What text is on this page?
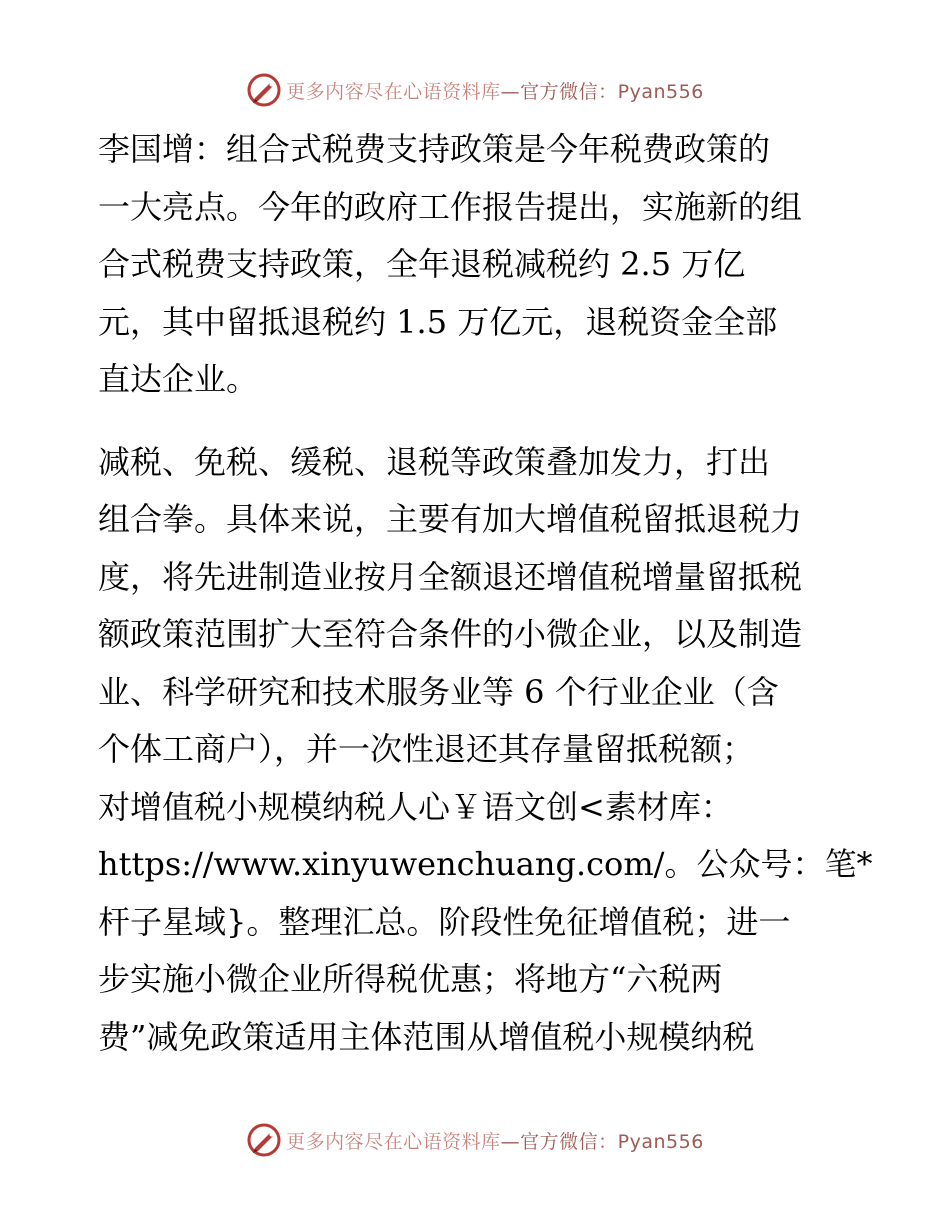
更多内容尽在心语资料库 —官方微信：Pyan556
李国增：组合式税费支持政策是今年税费政策的
一大亮点。今年的政府工作报告提出，实施新的组
合式税费支持政策，全年退税减税约 2.5 万亿
元，其中留抵退税约 1.5 万亿元，退税资金全部
直达企业。
减税、免税、缓税、退税等政策叠加发力，打出
组合拳。具体来说，主要有加大增值税留抵退税力
度，将先进制造业按月全额退还增值税增量留抵税
额政策范围扩大至符合条件的小微企业，以及制造
业、科学研究和技术服务业等 6 个行业企业（含
个体工商户），并一次性退还其存量留抵税额；
对增值税小规模纳税人心￥语文创<素材库：
https://www.xinyuwenchuang.com/。公众号：笔*
杆子星域}。整理汇总。阶段性免征增值税；进一
步实施小微企业所得税优惠；将地方“六税两
费”减免政策适用主体范围从增值税小规模纳税
更多内容尽在心语资料库 —官方微信：Pyan556
